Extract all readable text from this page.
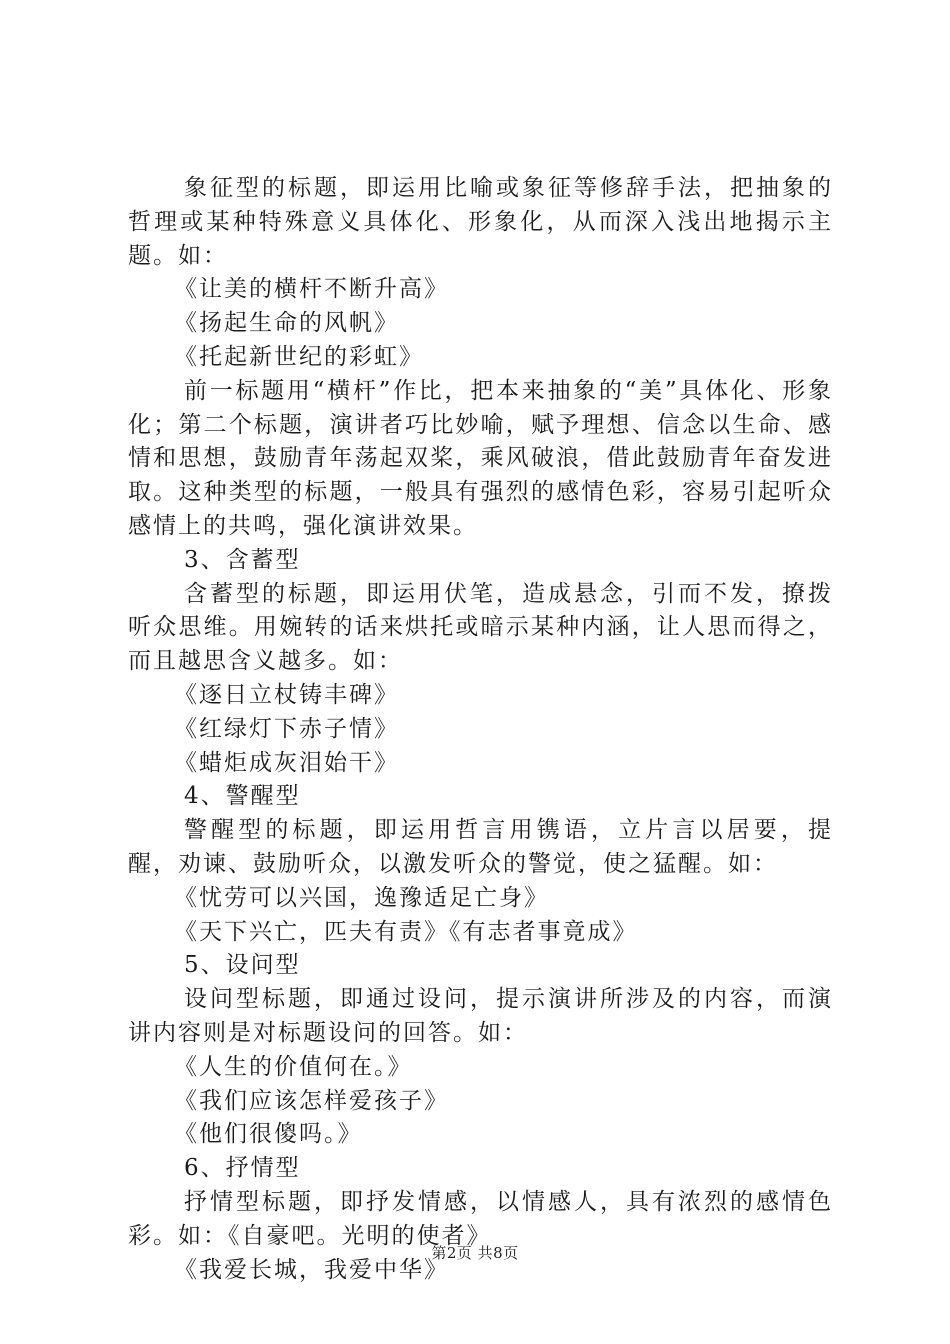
象征型的标题，即运用比喻或象征等修辞手法，把抽象的哲理或某种特殊意义具体化、形象化，从而深入浅出地揭示主题。如：

《让美的横杆不断升高》

《扬起生命的风帆》

《托起新世纪的彩虹》

前一标题用“横杆”作比，把本来抽象的“美”具体化、形象化；第二个标题，演讲者巧比妙喻，赋予理想、信念以生命、感情和思想，鼓励青年荡起双桨，乘风破浪，借此鼓励青年奋发进取。这种类型的标题，一般具有强烈的感情色彩，容易引起听众感情上的共鸣，强化演讲效果。

3、含蓄型

含蓄型的标题，即运用伏笔，造成悬念，引而不发，撩拨听众思维。用婉转的话来烘托或暗示某种内涵，让人思而得之，而且越思含义越多。如：

《逐日立杖铸丰碑》

《红绿灯下赤子情》

《蜡炬成灰泪始干》

4、警醒型

警醒型的标题，即运用哲言用镌语，立片言以居要，提醒，劝谏、鼓励听众，以激发听众的警觉，使之猛醒。如：

《忧劳可以兴国，逸豫适足亡身》

《天下兴亡，匹夫有责》《有志者事竟成》

5、设问型

设问型标题，即通过设问，提示演讲所涉及的内容，而演讲内容则是对标题设问的回答。如：

《人生的价值何在。》

《我们应该怎样爱孩子》

《他们很傻吗。》

6、抒情型

抒情型标题，即抒发情感，以情感人，具有浓烈的感情色彩。如：《自豪吧。光明的使者》

《我爱长城，我爱中华》

第2页 共8页
